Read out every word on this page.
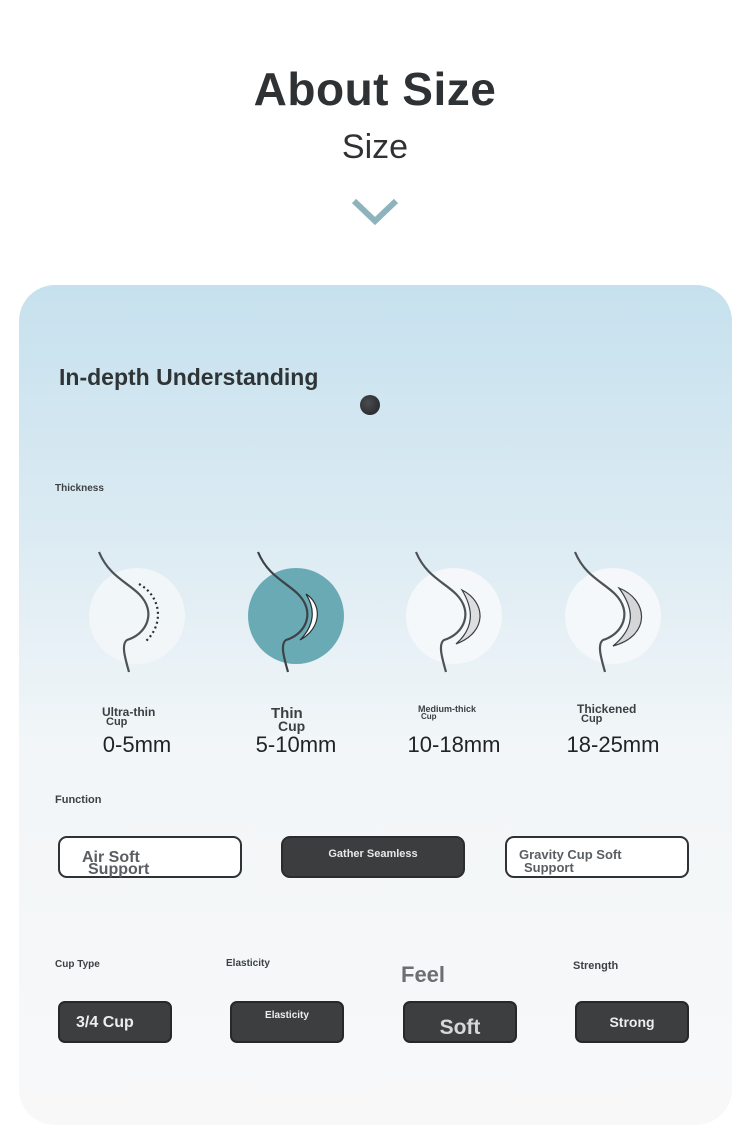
About Size
Size
In-depth Understanding
Thickness
Ultra-thin
Cup
0-5mm
Thin
Cup
5-10mm
Medium-thick
Cup
10-18mm
Thickened
Cup
18-25mm
Function
Air Soft
Support
Gather Seamless	Gravity Cup Soft
Support
Cup Type	Elasticity	Feel	Strength
3/4 Cup	Elasticity
Soft	Strong
